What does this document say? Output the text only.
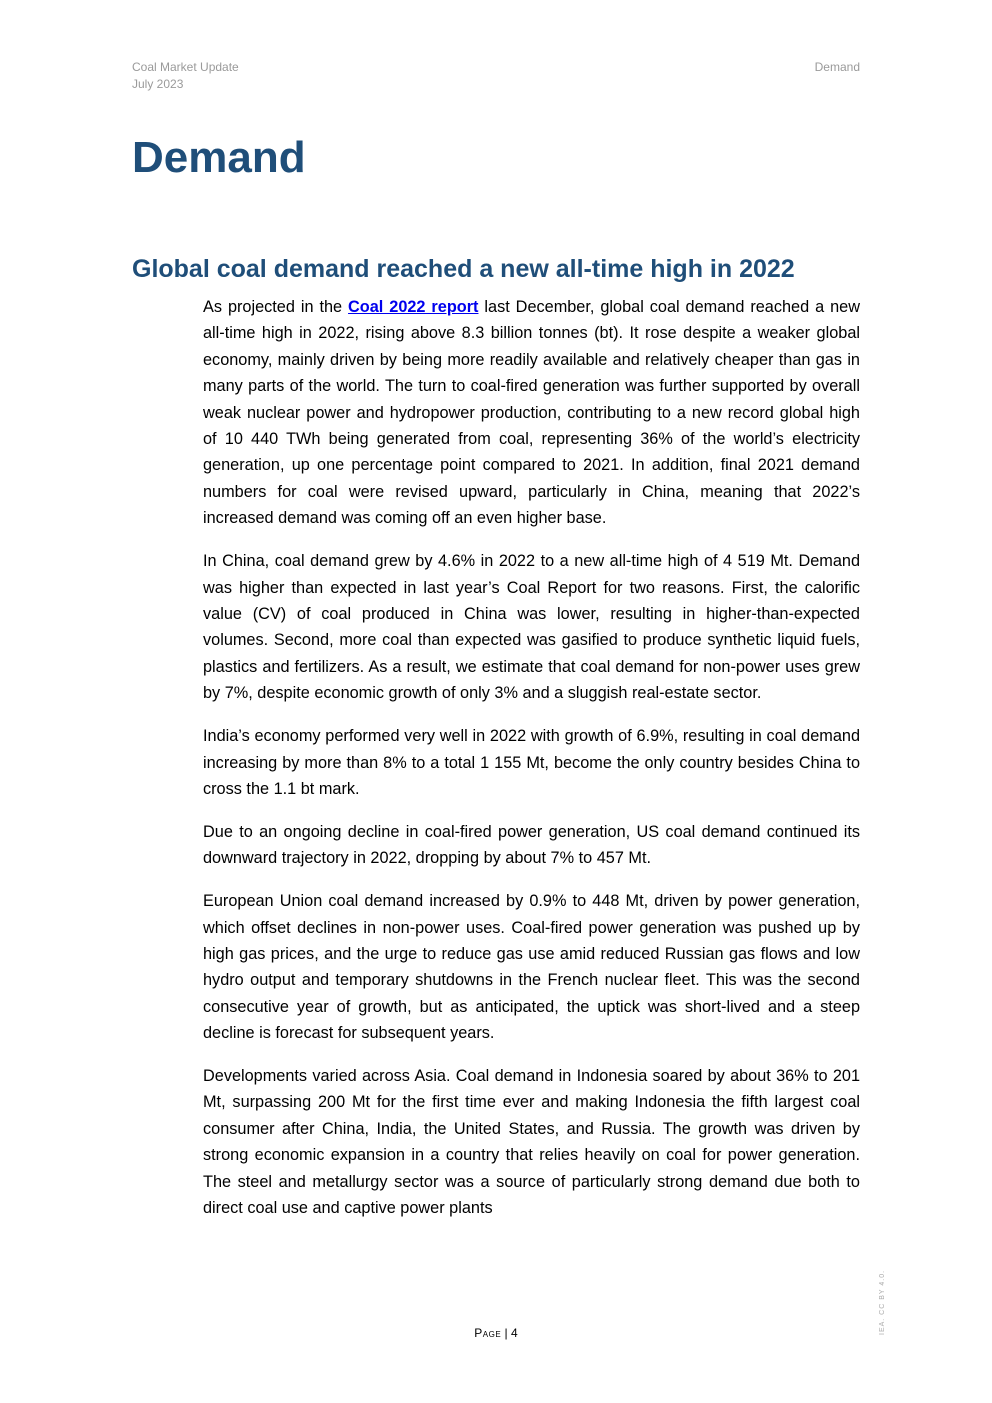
Coal Market Update
July 2023
Demand
Demand
Global coal demand reached a new all-time high in 2022

As projected in the Coal 2022 report last December, global coal demand reached a new all-time high in 2022, rising above 8.3 billion tonnes (bt). It rose despite a weaker global economy, mainly driven by being more readily available and relatively cheaper than gas in many parts of the world. The turn to coal-fired generation was further supported by overall weak nuclear power and hydropower production, contributing to a new record global high of 10 440 TWh being generated from coal, representing 36% of the world’s electricity generation, up one percentage point compared to 2021. In addition, final 2021 demand numbers for coal were revised upward, particularly in China, meaning that 2022’s increased demand was coming off an even higher base.

In China, coal demand grew by 4.6% in 2022 to a new all-time high of 4 519 Mt. Demand was higher than expected in last year’s Coal Report for two reasons. First, the calorific value (CV) of coal produced in China was lower, resulting in higher-than-expected volumes. Second, more coal than expected was gasified to produce synthetic liquid fuels, plastics and fertilizers. As a result, we estimate that coal demand for non-power uses grew by 7%, despite economic growth of only 3% and a sluggish real-estate sector.

India’s economy performed very well in 2022 with growth of 6.9%, resulting in coal demand increasing by more than 8% to a total 1 155 Mt, become the only country besides China to cross the 1.1 bt mark.

Due to an ongoing decline in coal-fired power generation, US coal demand continued its downward trajectory in 2022, dropping by about 7% to 457 Mt.

European Union coal demand increased by 0.9% to 448 Mt, driven by power generation, which offset declines in non-power uses. Coal-fired power generation was pushed up by high gas prices, and the urge to reduce gas use amid reduced Russian gas flows and low hydro output and temporary shutdowns in the French nuclear fleet. This was the second consecutive year of growth, but as anticipated, the uptick was short-lived and a steep decline is forecast for subsequent years.

Developments varied across Asia. Coal demand in Indonesia soared by about 36% to 201 Mt, surpassing 200 Mt for the first time ever and making Indonesia the fifth largest coal consumer after China, India, the United States, and Russia. The growth was driven by strong economic expansion in a country that relies heavily on coal for power generation. The steel and metallurgy sector was a source of particularly strong demand due both to direct coal use and captive power plants

Page | 4	IEA. CC BY 4.0.
